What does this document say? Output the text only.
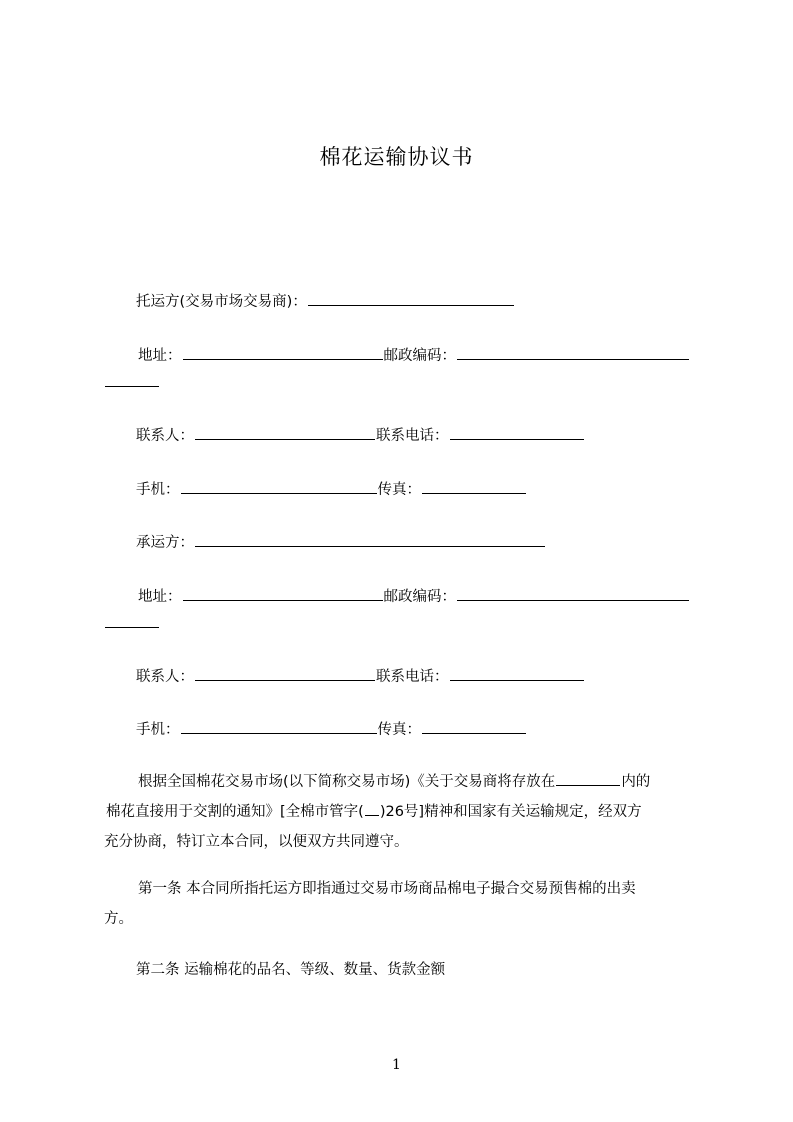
棉花运输协议书
托运方(交易市场交易商)：
地址：	邮政编码：
联系人：	联系电话：
手机：	传真：
承运方：
地址：	邮政编码：
联系人：	联系电话：
手机：	传真：
根据全国棉花交易市场(以下简称交易市场)《关于交易商将存放在	内的
棉花直接用于交割的通知》[全棉市管字( )26号]精神和国家有关运输规定，经双方
充分协商，特订立本合同，以便双方共同遵守。
第一条 本合同所指托运方即指通过交易市场商品棉电子撮合交易预售棉的出卖
方。
第二条 运输棉花的品名、等级、数量、货款金额
1
